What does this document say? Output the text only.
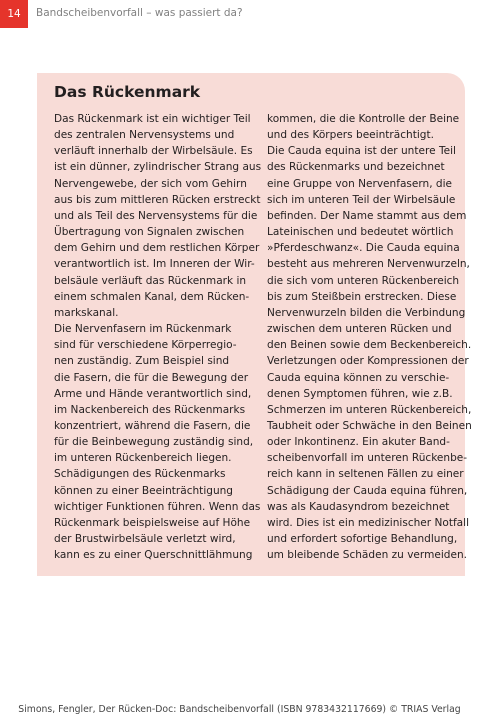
14 Bandscheibenvorfall – was passiert da?
Das Rückenmark
Das Rückenmark ist ein wichtiger Teil
des zentralen Nervensystems und
verläuft innerhalb der Wirbelsäule. Es
ist ein dünner, zylindrischer Strang aus
Nervengewebe, der sich vom Gehirn
aus bis zum mittleren Rücken erstreckt
und als Teil des Nervensystems für die
Übertragung von Signalen zwischen
dem Gehirn und dem restlichen Körper
verantwortlich ist. Im Inneren der Wir-
belsäule verläuft das Rückenmark in
einem schmalen Kanal, dem Rücken-
markskanal.
Die Nervenfasern im Rückenmark
sind für verschiedene Körperregio-
nen zuständig. Zum Beispiel sind
die Fasern, die für die Bewegung der
Arme und Hände verantwortlich sind,
im Nackenbereich des Rückenmarks
konzentriert, während die Fasern, die
für die Beinbewegung zuständig sind,
im unteren Rückenbereich liegen.
Schädigungen des Rückenmarks
können zu einer Beeinträchtigung
wichtiger Funktionen führen. Wenn das
Rückenmark beispielsweise auf Höhe
der Brustwirbelsäule verletzt wird,
kann es zu einer Querschnittlähmung
kommen, die die Kontrolle der Beine
und des Körpers beeinträchtigt.
Die Cauda equina ist der untere Teil
des Rückenmarks und bezeichnet
eine Gruppe von Nervenfasern, die
sich im unteren Teil der Wirbelsäule
befinden. Der Name stammt aus dem
Lateinischen und bedeutet wörtlich
»Pferdeschwanz«. Die Cauda equina
besteht aus mehreren Nervenwurzeln,
die sich vom unteren Rückenbereich
bis zum Steißbein erstrecken. Diese
Nervenwurzeln bilden die Verbindung
zwischen dem unteren Rücken und
den Beinen sowie dem Beckenbereich.
Verletzungen oder Kompressionen der
Cauda equina können zu verschie-
denen Symptomen führen, wie z.B.
Schmerzen im unteren Rückenbereich,
Taubheit oder Schwäche in den Beinen
oder Inkontinenz. Ein akuter Band-
scheibenvorfall im unteren Rückenbe-
reich kann in seltenen Fällen zu einer
Schädigung der Cauda equina führen,
was als Kaudasyndrom bezeichnet
wird. Dies ist ein medizinischer Notfall
und erfordert sofortige Behandlung,
um bleibende Schäden zu vermeiden.
Simons, Fengler, Der Rücken-Doc: Bandscheibenvorfall (ISBN 9783432117669) © TRIAS Verlag
